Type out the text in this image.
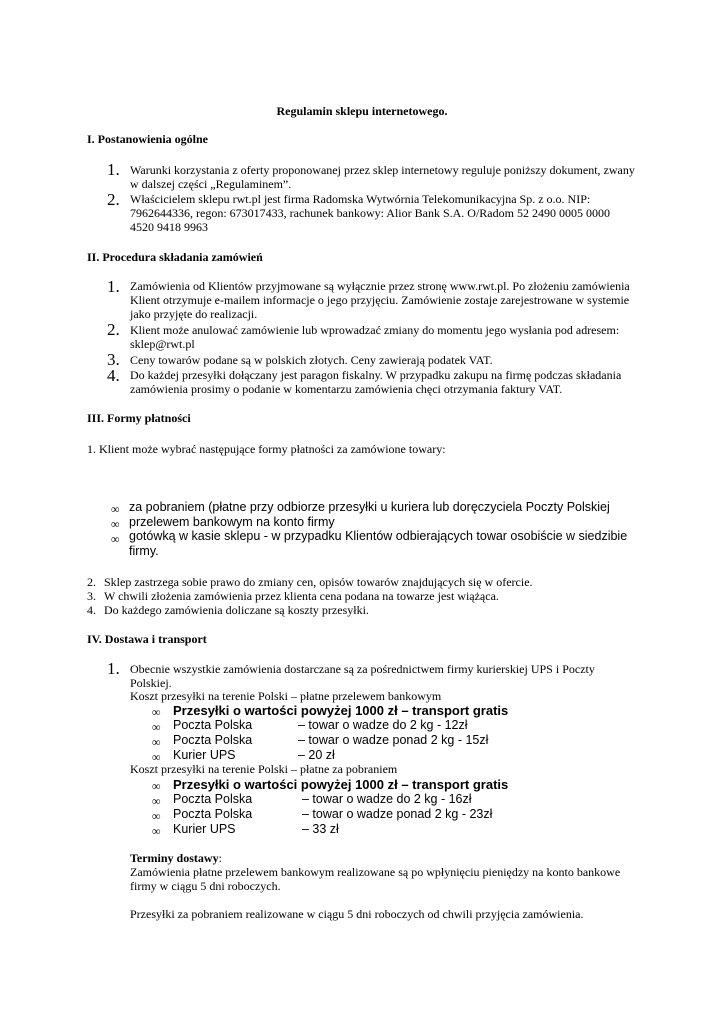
Regulamin sklepu internetowego.
I. Postanowienia ogólne
1. Warunki korzystania z oferty proponowanej przez sklep internetowy reguluje poniższy dokument, zwany w dalszej części „Regulaminem”.
2. Właścicielem sklepu rwt.pl jest firma Radomska Wytwórnia Telekomunikacyjna Sp. z o.o. NIP: 7962644336, regon: 673017433, rachunek bankowy: Alior Bank S.A. O/Radom 52 2490 0005 0000 4520 9418 9963
II. Procedura składania zamówień
1. Zamówienia od Klientów przyjmowane są wyłącznie przez stronę www.rwt.pl. Po złożeniu zamówienia Klient otrzymuje e-mailem informacje o jego przyjęciu. Zamówienie zostaje zarejestrowane w systemie jako przyjęte do realizacji.
2. Klient może anulować zamówienie lub wprowadzać zmiany do momentu jego wysłania pod adresem: sklep@rwt.pl
3. Ceny towarów podane są w polskich złotych. Ceny zawierają podatek VAT.
4. Do każdej przesyłki dołączany jest paragon fiskalny. W przypadku zakupu na firmę podczas składania zamówienia prosimy o podanie w komentarzu zamówienia chęci otrzymania faktury VAT.
III. Formy płatności
1. Klient może wybrać następujące formy płatności za zamówione towary:
∞ za pobraniem (płatne przy odbiorze przesyłki u kuriera lub doręczyciela Poczty Polskiej
∞ przelewem bankowym na konto firmy
∞ gotówką w kasie sklepu - w przypadku Klientów odbierających towar osobiście w siedzibie firmy.
2. Sklep zastrzega sobie prawo do zmiany cen, opisów towarów znajdujących się w ofercie.
3. W chwili złożenia zamówienia przez klienta cena podana na towarze jest wiążąca.
4. Do każdego zamówienia doliczane są koszty przesyłki.
IV. Dostawa i transport
1. Obecnie wszystkie zamówienia dostarczane są za pośrednictwem firmy kurierskiej UPS i Poczty Polskiej.
Koszt przesyłki na terenie Polski – płatne przelewem bankowym
∞ Przesyłki o wartości powyżej 1000 zł – transport gratis
∞ Poczta Polska	– towar o wadze do 2 kg - 12zł
∞ Poczta Polska	– towar o wadze ponad 2 kg - 15zł
∞ Kurier UPS	– 20 zł
Koszt przesyłki na terenie Polski – płatne za pobraniem
∞ Przesyłki o wartości powyżej 1000 zł – transport gratis
∞ Poczta Polska	– towar o wadze do 2 kg - 16zł
∞ Poczta Polska	– towar o wadze ponad 2 kg - 23zł
∞ Kurier UPS	– 33 zł
Terminy dostawy:
Zamówienia płatne przelewem bankowym realizowane są po wpłynięciu pieniędzy na konto bankowe firmy w ciągu 5 dni roboczych.
Przesyłki za pobraniem realizowane w ciągu 5 dni roboczych od chwili przyjęcia zamówienia.
